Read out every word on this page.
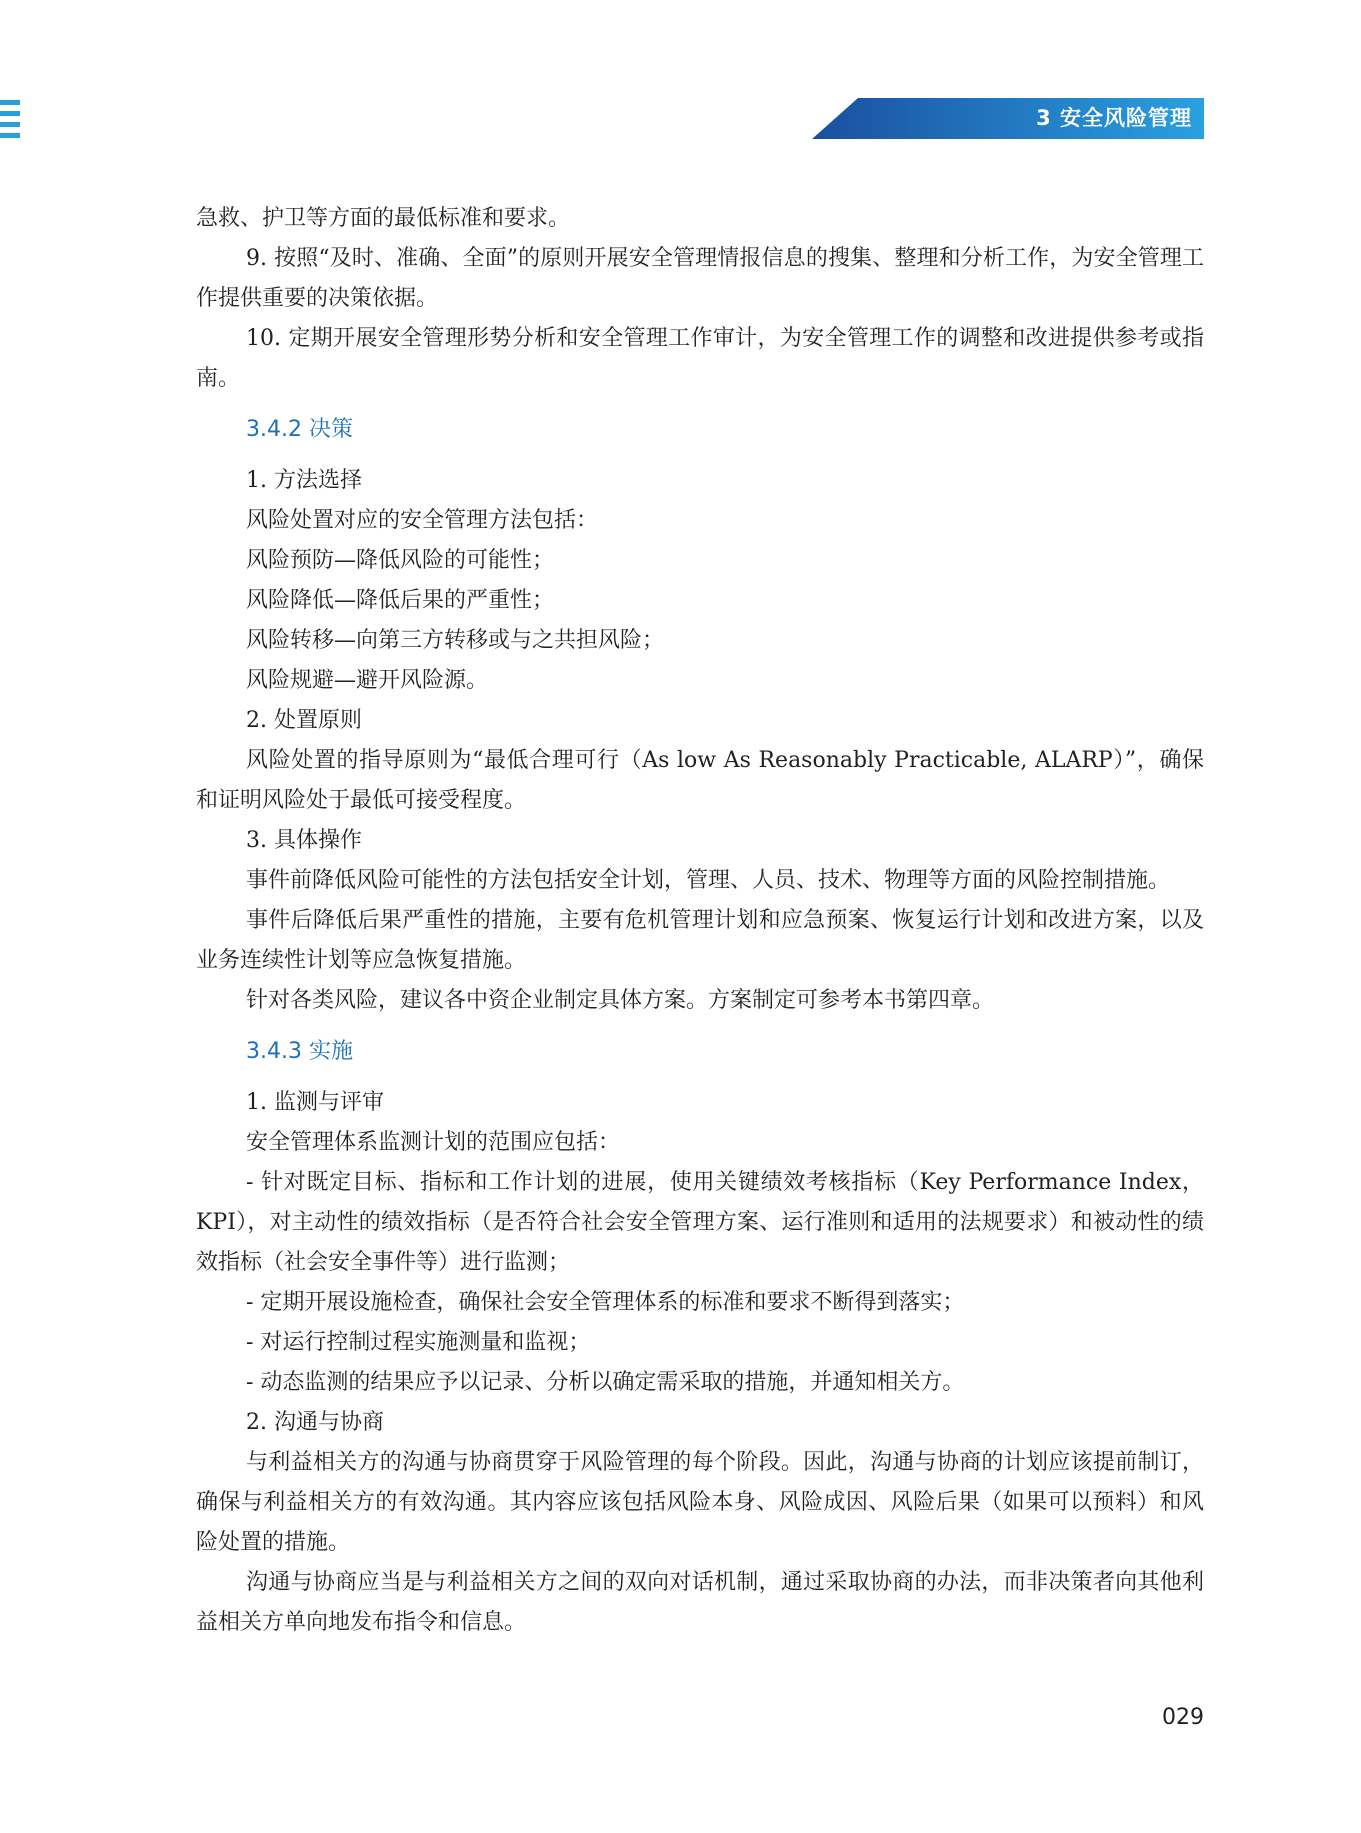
3 安全风险管理

急救、护卫等方面的最低标准和要求。

9. 按照“及时、准确、全面”的原则开展安全管理情报信息的搜集、整理和分析工作，为安全管理工作提供重要的决策依据。

10. 定期开展安全管理形势分析和安全管理工作审计，为安全管理工作的调整和改进提供参考或指南。

3.4.2 决策

1. 方法选择

风险处置对应的安全管理方法包括：

风险预防—降低风险的可能性；

风险降低—降低后果的严重性；

风险转移—向第三方转移或与之共担风险；

风险规避—避开风险源。

2. 处置原则

风险处置的指导原则为“最低合理可行（As low As Reasonably Practicable, ALARP）”，确保和证明风险处于最低可接受程度。

3. 具体操作

事件前降低风险可能性的方法包括安全计划，管理、人员、技术、物理等方面的风险控制措施。

事件后降低后果严重性的措施，主要有危机管理计划和应急预案、恢复运行计划和改进方案，以及业务连续性计划等应急恢复措施。

针对各类风险，建议各中资企业制定具体方案。方案制定可参考本书第四章。

3.4.3 实施

1. 监测与评审

安全管理体系监测计划的范围应包括：

- 针对既定目标、指标和工作计划的进展，使用关键绩效考核指标（Key Performance Index，KPI），对主动性的绩效指标（是否符合社会安全管理方案、运行准则和适用的法规要求）和被动性的绩效指标（社会安全事件等）进行监测；

- 定期开展设施检查，确保社会安全管理体系的标准和要求不断得到落实；

- 对运行控制过程实施测量和监视；

- 动态监测的结果应予以记录、分析以确定需采取的措施，并通知相关方。

2. 沟通与协商

与利益相关方的沟通与协商贯穿于风险管理的每个阶段。因此，沟通与协商的计划应该提前制订，确保与利益相关方的有效沟通。其内容应该包括风险本身、风险成因、风险后果（如果可以预料）和风险处置的措施。

沟通与协商应当是与利益相关方之间的双向对话机制，通过采取协商的办法，而非决策者向其他利益相关方单向地发布指令和信息。

029
